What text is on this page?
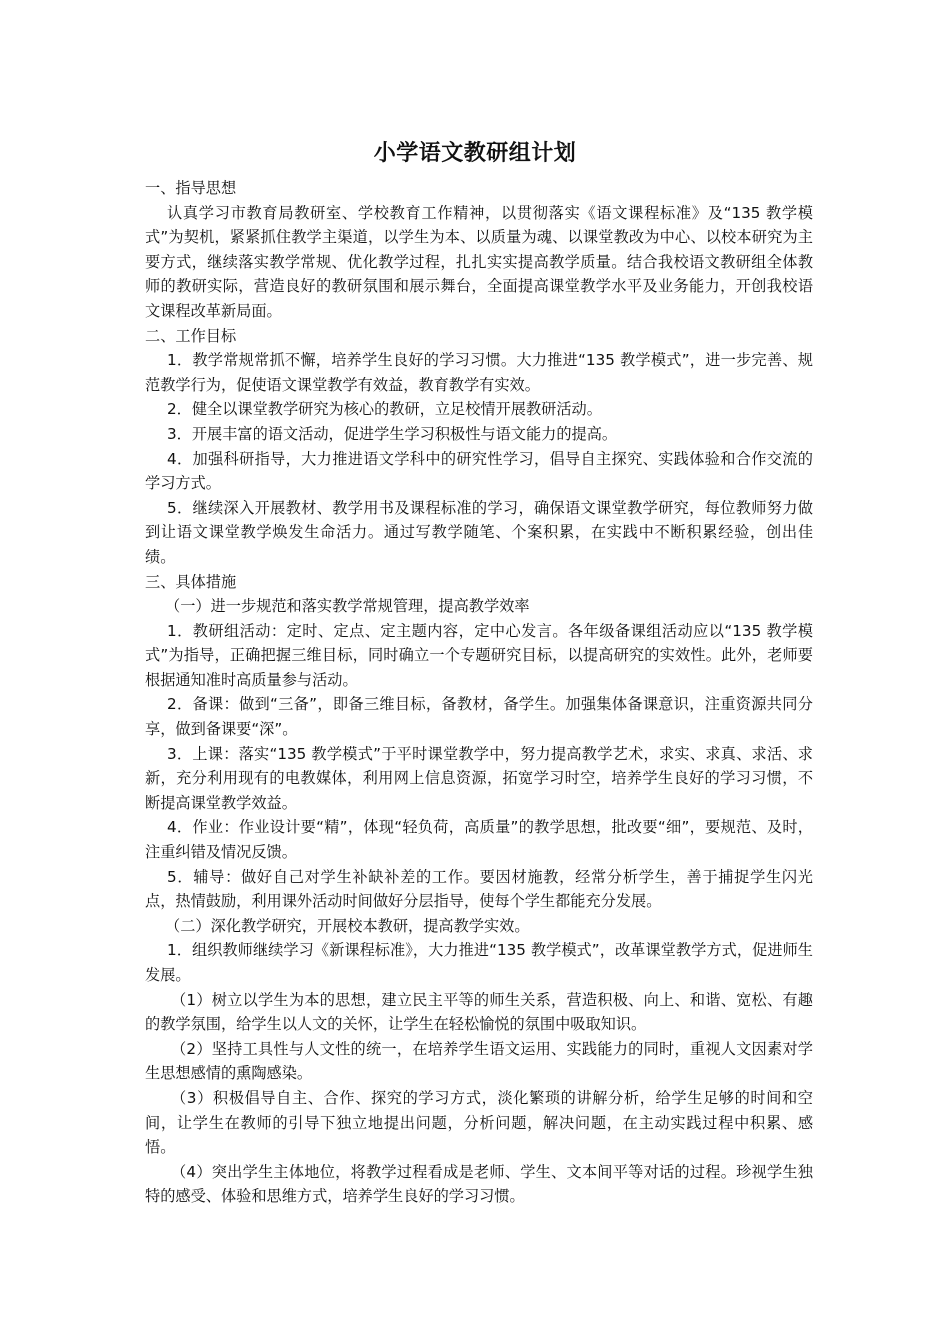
小学语文教研组计划

一、指导思想

认真学习市教育局教研室、学校教育工作精神，以贯彻落实《语文课程标准》及“135 教学模式”为契机，紧紧抓住教学主渠道，以学生为本、以质量为魂、以课堂教改为中心、以校本研究为主要方式，继续落实教学常规、优化教学过程，扎扎实实提高教学质量。结合我校语文教研组全体教师的教研实际，营造良好的教研氛围和展示舞台，全面提高课堂教学水平及业务能力，开创我校语文课程改革新局面。

二、工作目标

1．教学常规常抓不懈，培养学生良好的学习习惯。大力推进“135 教学模式”，进一步完善、规范教学行为，促使语文课堂教学有效益，教育教学有实效。

2．健全以课堂教学研究为核心的教研，立足校情开展教研活动。

3．开展丰富的语文活动，促进学生学习积极性与语文能力的提高。

4．加强科研指导，大力推进语文学科中的研究性学习，倡导自主探究、实践体验和合作交流的学习方式。

5．继续深入开展教材、教学用书及课程标准的学习，确保语文课堂教学研究，每位教师努力做到让语文课堂教学焕发生命活力。通过写教学随笔、个案积累，在实践中不断积累经验，创出佳绩。

三、具体措施

（一）进一步规范和落实教学常规管理，提高教学效率

1．教研组活动：定时、定点、定主题内容，定中心发言。各年级备课组活动应以“135 教学模式”为指导，正确把握三维目标，同时确立一个专题研究目标，以提高研究的实效性。此外，老师要根据通知准时高质量参与活动。

2．备课：做到“三备”，即备三维目标，备教材，备学生。加强集体备课意识，注重资源共同分享，做到备课要“深”。

3．上课：落实“135 教学模式”于平时课堂教学中，努力提高教学艺术，求实、求真、求活、求新，充分利用现有的电教媒体，利用网上信息资源，拓宽学习时空，培养学生良好的学习习惯，不断提高课堂教学效益。

4．作业：作业设计要“精”，体现“轻负荷，高质量”的教学思想，批改要“细”，要规范、及时，注重纠错及情况反馈。

5．辅导：做好自己对学生补缺补差的工作。要因材施教，经常分析学生，善于捕捉学生闪光点，热情鼓励，利用课外活动时间做好分层指导，使每个学生都能充分发展。

（二）深化教学研究，开展校本教研，提高教学实效。

1．组织教师继续学习《新课程标准》，大力推进“135 教学模式”，改革课堂教学方式，促进师生发展。

（1）树立以学生为本的思想，建立民主平等的师生关系，营造积极、向上、和谐、宽松、有趣的教学氛围，给学生以人文的关怀，让学生在轻松愉悦的氛围中吸取知识。

（2）坚持工具性与人文性的统一，在培养学生语文运用、实践能力的同时，重视人文因素对学生思想感情的熏陶感染。

（3）积极倡导自主、合作、探究的学习方式，淡化繁琐的讲解分析，给学生足够的时间和空间，让学生在教师的引导下独立地提出问题，分析问题，解决问题，在主动实践过程中积累、感悟。

（4）突出学生主体地位，将教学过程看成是老师、学生、文本间平等对话的过程。珍视学生独特的感受、体验和思维方式，培养学生良好的学习习惯。
